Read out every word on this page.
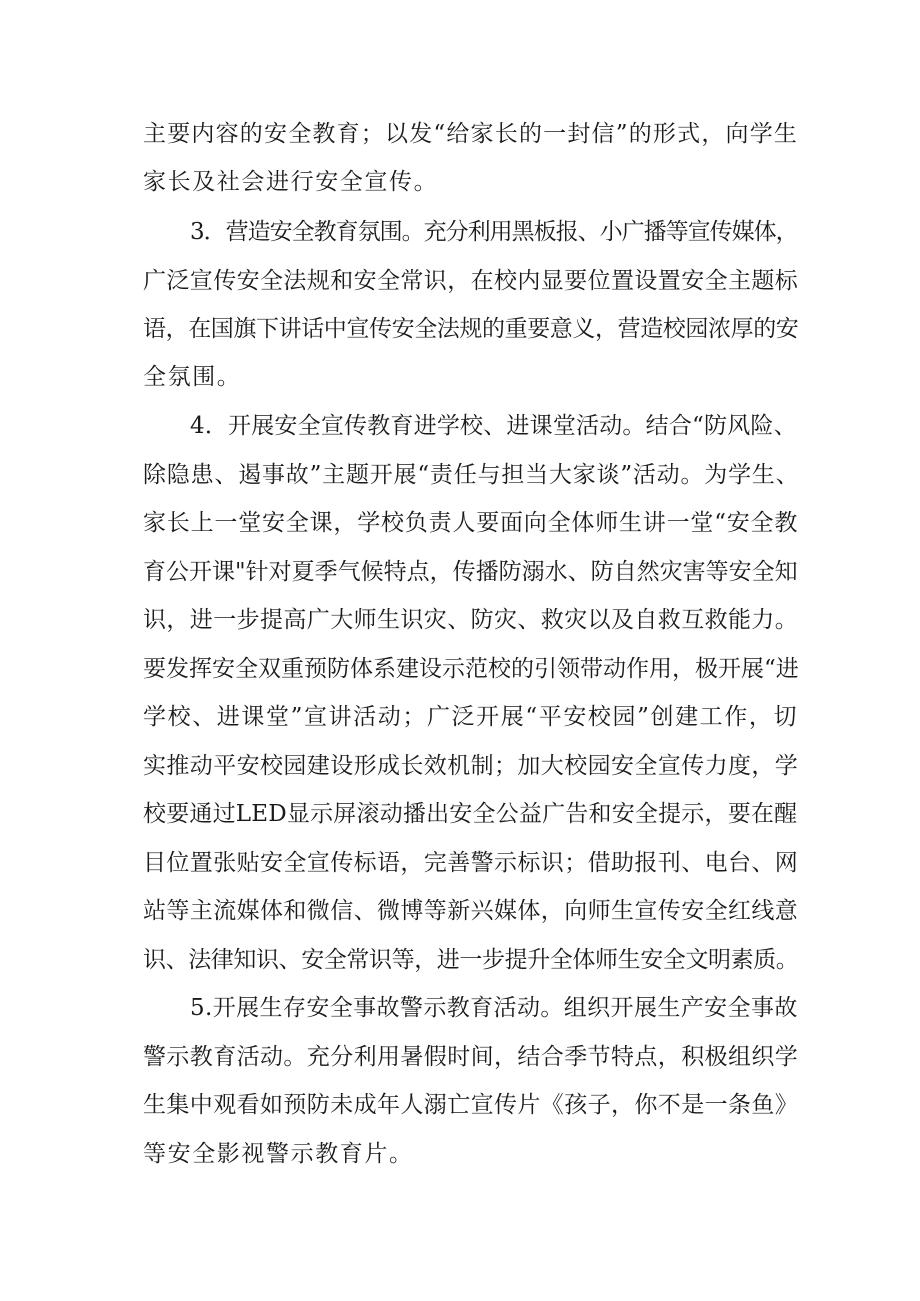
主要内容的安全教育；以发“给家长的一封信”的形式，向学生
家长及社会进行安全宣传。
3．营造安全教育氛围。充分利用黑板报、小广播等宣传媒体，
广泛宣传安全法规和安全常识，在校内显要位置设置安全主题标
语，在国旗下讲话中宣传安全法规的重要意义，营造校园浓厚的安
全氛围。
4．开展安全宣传教育进学校、进课堂活动。结合“防风险、
除隐患、遏事故”主题开展“责任与担当大家谈”活动。为学生、
家长上一堂安全课，学校负责人要面向全体师生讲一堂“安全教
育公开课"针对夏季气候特点，传播防溺水、防自然灾害等安全知
识，进一步提高广大师生识灾、防灾、救灾以及自救互救能力。
要发挥安全双重预防体系建设示范校的引领带动作用，极开展“进
学校、进课堂”宣讲活动；广泛开展“平安校园”创建工作，切
实推动平安校园建设形成长效机制；加大校园安全宣传力度，学
校要通过LED显示屏滚动播出安全公益广告和安全提示，要在醒
目位置张贴安全宣传标语，完善警示标识；借助报刊、电台、网
站等主流媒体和微信、微博等新兴媒体，向师生宣传安全红线意
识、法律知识、安全常识等，进一步提升全体师生安全文明素质。
5.开展生存安全事故警示教育活动。组织开展生产安全事故
警示教育活动。充分利用暑假时间，结合季节特点，积极组织学
生集中观看如预防未成年人溺亡宣传片《孩子，你不是一条鱼》
等安全影视警示教育片。
